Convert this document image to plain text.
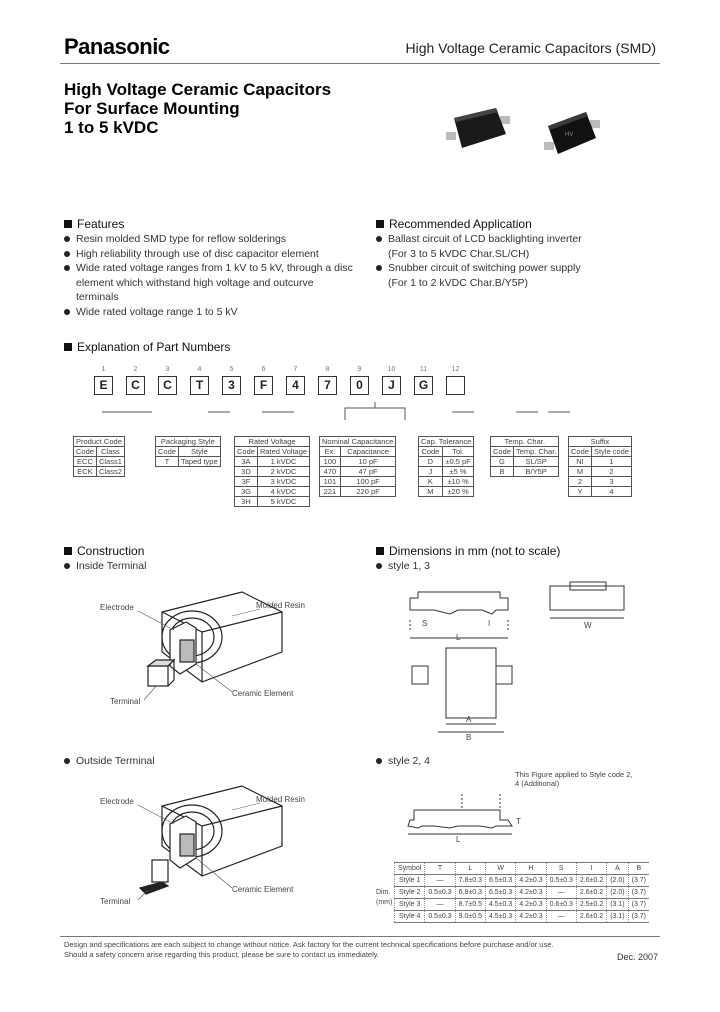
Panasonic	High Voltage Ceramic Capacitors (SMD)
High Voltage Ceramic Capacitors
For Surface Mounting
1 to 5 kVDC	HV
Features
Resin molded SMD type for reflow solderings
High reliability through use of disc capacitor element
Wide rated voltage ranges from 1 kV to 5 kV, through a disc element which withstand high voltage and outcurve terminals
Wide rated voltage range 1 to 5 kV
Recommended Application
Ballast circuit of LCD backlighting inverter
(For 3 to 5 kVDC Char.SL/CH)
Snubber circuit of switching power supply
(For 1 to 2 kVDC Char.B/Y5P)
Explanation of Part Numbers
1
E
2
C
3
C
4
T
5
3
6
F
7
4
8
7
9
0
10
J
11
G
12
Product Code	
Code	Class
ECC	Class1
ECK	Class2
Packaging Style	
Code	Style
T	Taped type
Rated Voltage	
Code	Rated Voltage
3A	1 kVDC
3D	2 kVDC
3F	3 kVDC
3G	4 kVDC
3H	5 kVDC
Nominal Capacitance	
Ex.	Capacitance
100	10 pF
470	47 pF
101	100 pF
221	220 pF
Cap. Tolerance	
Code	Tol.
D	±0.5 pF
J	±5 %
K	±10 %
M	±20 %
Temp. Char.	
Code	Temp. Char.
G	SL/SP
B	B/Y5P
Suffix	
Code	Style code
NI	1
M	2
2	3
Y	4
Construction
Inside Terminal
Electrode	Molded Resin
Ceramic Element
Terminal
Outside Terminal
Electrode	Molded Resin
Ceramic Element
Terminal
Dimensions in mm (not to scale)
style 1, 3
S
L
I	W
A
B
style 2, 4
This Figure applied to Style code 2, 4 (Additional)
L
T
Dim. (mm)
Symbol	T	L	W	H	S	I	A	B
Style 1	—	7.8±0.3	6.5±0.3	4.2±0.3	0.5±0.3	2.6±0.2	(2.0)	(3.7)
Style 2	0.5±0.3	6.8±0.3	6.5±0.3	4.2±0.3	—	2.6±0.2	(2.0)	(3.7)
Style 3	—	8.7±0.5	4.5±0.3	4.2±0.3	0.6±0.3	2.5±0.2	(3.1)	(3.7)
Style 4	0.5±0.3	9.0±0.5	4.5±0.3	4.2±0.3	—	2.6±0.2	(3.1)	(3.7)
Design and specifications are each subject to change without notice. Ask factory for the current technical specifications before purchase and/or use.
Should a safety concern arise regarding this product, please be sure to contact us immediately.	Dec. 2007
